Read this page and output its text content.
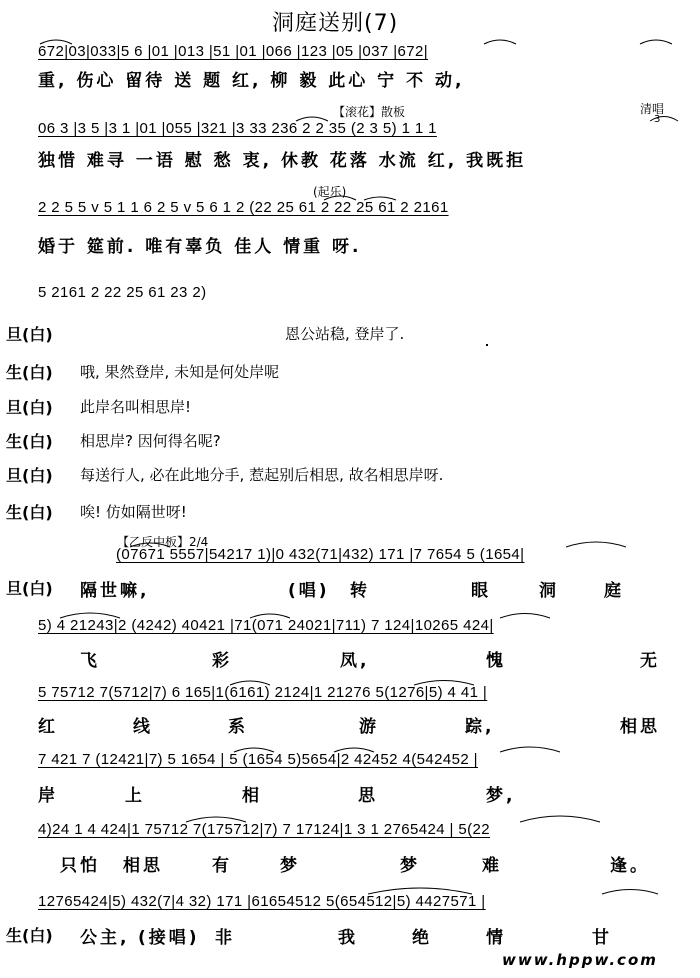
洞庭送别(7)
672|03|033|5 6 |01 |013 |51 |01 |066 |123 |05 |037 |672|
06 3 |3 5 |3 1 |01 |055 |321 |3 33 236 2 2 35 (2 3 5) 1 1 1
2 2 5 5 v 5 1 1 6 2 5 v 5 6 1 2 (22 25 61 2 22 25 61 2 2161
5 2161 2 22 25 61 23 2)
重, 伤心 留待 送 题 红, 柳 毅 此心 宁 不 动,
独惜 难寻 一语 慰 愁 衷, 休教 花落 水流 红, 我既拒
婚于 筵前. 唯有辜负 佳人 情重 呀.
【滚花】散板	清唱
3
(起乐)
【乙反中板】2/4
旦(白)	恩公站稳, 登岸了.
生(白) 哦, 果然登岸, 未知是何处岸呢
旦(白) 此岸名叫相思岸!
生(白) 相思岸? 因何得名呢?
旦(白) 每送行人, 必在此地分手, 惹起别后相思, 故名相思岸呀.
生(白) 唉! 仿如隔世呀!
(07671 5557|54217 1)|0 432(71|432) 171 |7 7654 5 (1654|
5) 4 21243|2 (4242) 40421 |71(071 24021|711) 7 124|10265 424|
5 75712 7(5712|7) 6 165|1(6161) 2124|1 21276 5(1276|5) 4 41 |
7 421 7 (12421|7) 5 1654 | 5 (1654 5)5654|2 42452 4(542452 |
4)24 1 4 424|1 75712 7(175712|7) 7 17124|1 3 1 2765424 | 5(22
12765424|5) 432(7|4 32) 171 |61654512 5(654512|5) 4427571 |
旦(白) 隔世嘛,	(唱) 转	眼	洞	庭
飞	彩	凤,	愧	无
红	线	系	游	踪,	相思
岸	上	相	思	梦,
只怕 相思	有	梦	梦	难	逢。
生(白) 公主, (接唱) 非	我	绝	情	甘
www.hppw.com
